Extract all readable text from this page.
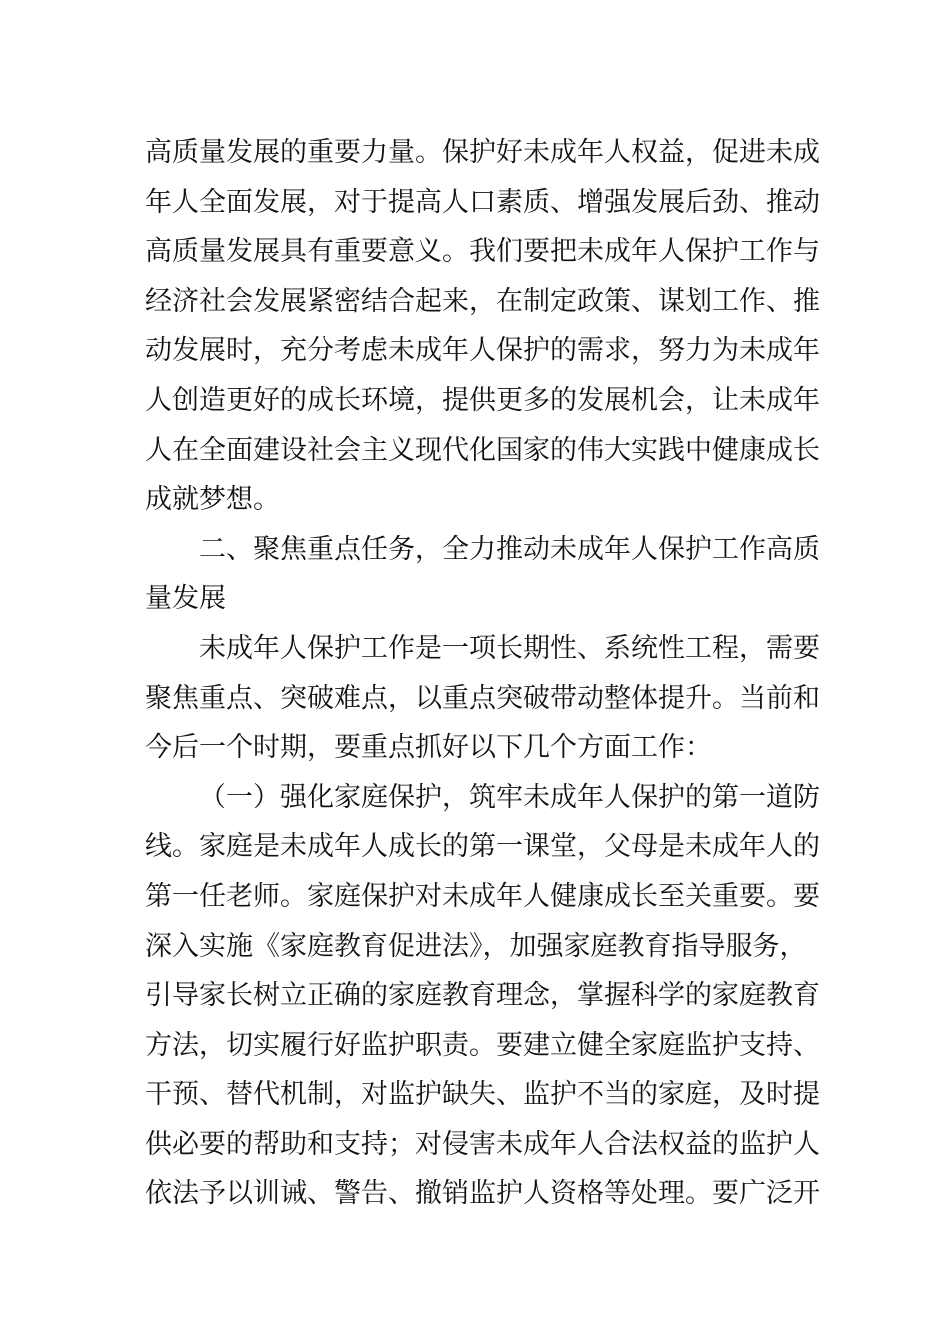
高质量发展的重要力量。保护好未成年人权益，促进未成
年人全面发展，对于提高人口素质、增强发展后劲、推动
高质量发展具有重要意义。我们要把未成年人保护工作与
经济社会发展紧密结合起来，在制定政策、谋划工作、推
动发展时，充分考虑未成年人保护的需求，努力为未成年
人创造更好的成长环境，提供更多的发展机会，让未成年
人在全面建设社会主义现代化国家的伟大实践中健康成长
成就梦想。
二、聚焦重点任务，全力推动未成年人保护工作高质
量发展
未成年人保护工作是一项长期性、系统性工程，需要
聚焦重点、突破难点，以重点突破带动整体提升。当前和
今后一个时期，要重点抓好以下几个方面工作：
（一）强化家庭保护，筑牢未成年人保护的第一道防
线。家庭是未成年人成长的第一课堂，父母是未成年人的
第一任老师。家庭保护对未成年人健康成长至关重要。要
深入实施《家庭教育促进法》，加强家庭教育指导服务，
引导家长树立正确的家庭教育理念，掌握科学的家庭教育
方法，切实履行好监护职责。要建立健全家庭监护支持、
干预、替代机制，对监护缺失、监护不当的家庭，及时提
供必要的帮助和支持；对侵害未成年人合法权益的监护人
依法予以训诫、警告、撤销监护人资格等处理。要广泛开
